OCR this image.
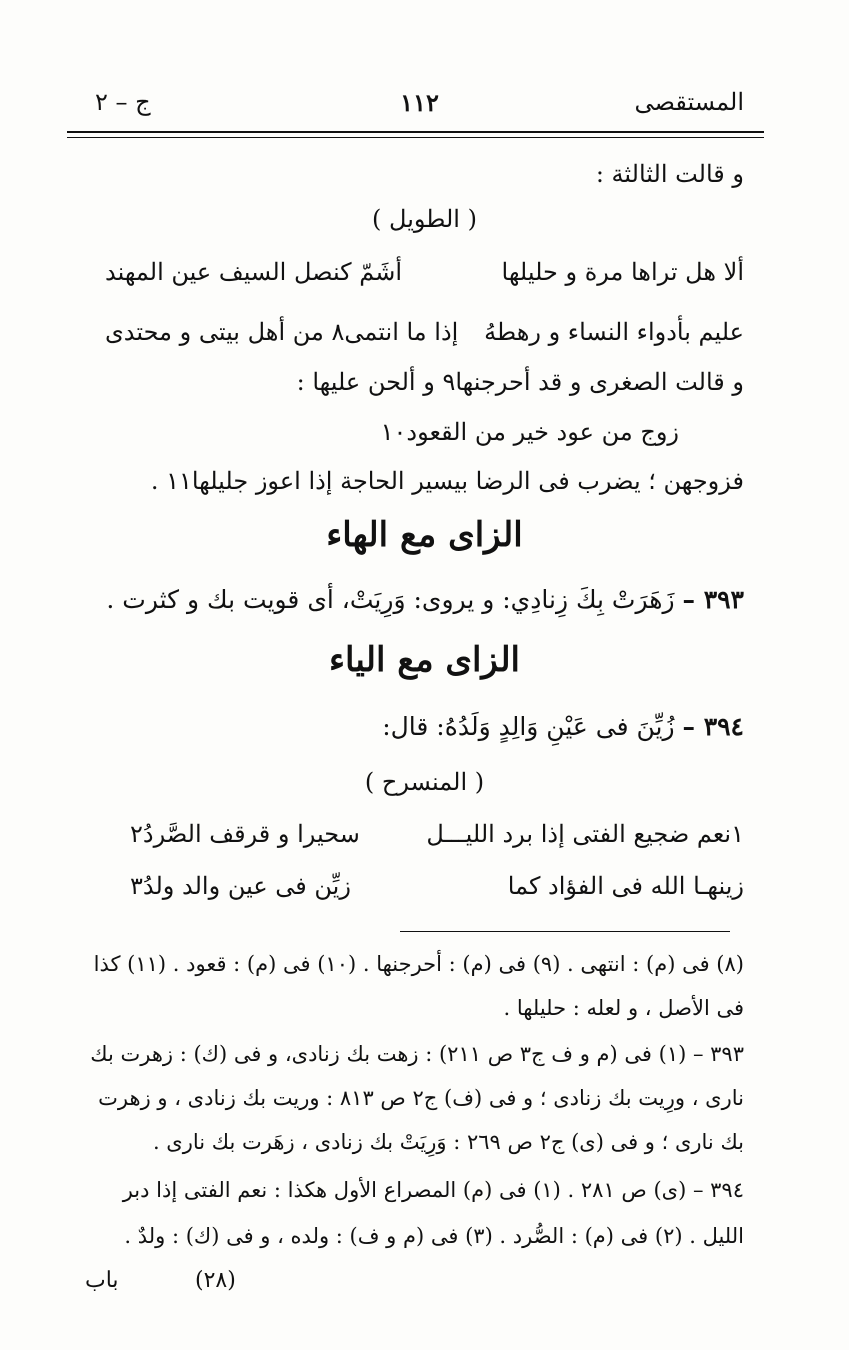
المستقصى
١١٢
ج – ٢
و قالت الثالثة :
( الطويل )
ألا هل تراها مرة و حليلها
أشَمّ كنصل السيف عين المهند
عليم بأدواء النساء و رهطهُ
إذا ما انتمى٨ من أهل بيتى و محتدى
و قالت الصغرى و قد أحرجنها٩ و ألحن عليها :
زوج من عود خير من القعود١٠
فزوجهن ؛ يضرب فى الرضا بيسير الحاجة إذا اعوز جليلها١١ .
الزاى مع الهاء
٣٩٣ – زَهَرَتْ بِكَ زِنادِي: و يروى: وَرِيَتْ، أى قويت بك و كثرت .
الزاى مع الياء
٣٩٤ – زُيِّنَ فى عَيْنِ وَالِدٍ وَلَدُهُ: قال:
( المنسرح )
١نعم ضجيع الفتى إذا برد الليـــل
سحيرا و قرقف الصَّردُ٢
زينهـا الله فى الفؤاد كما
زيِّن فى عين والد ولدُ٣
(٨) فى (م) : انتهى . (٩) فى (م) : أحرجنها . (١٠) فى (م) : قعود . (١١) كذا
فى الأصل ، و لعله : حليلها .
٣٩٣ – (١) فى (م و ف ج٣ ص ٢١١) : زهت بك زنادى، و فى (ك) : زهرت بك
نارى ، ورِيت بك زنادى ؛ و فى (ف) ج٢ ص ٨١٣ : وريت بك زنادى ، و زهرت
بك نارى ؛ و فى (ى) ج٢ ص ٢٦٩ : وَرِيَتْ بك زنادى ، زهَرت بك نارى .
٣٩٤ – (ى) ص ٢٨١ . (١) فى (م) المصراع الأول هكذا : نعم الفتى إذا دبر
الليل . (٢) فى (م) : الصُّرد . (٣) فى (م و ف) : ولده ، و فى (ك) : ولدٌ .
باب	(٢٨)
